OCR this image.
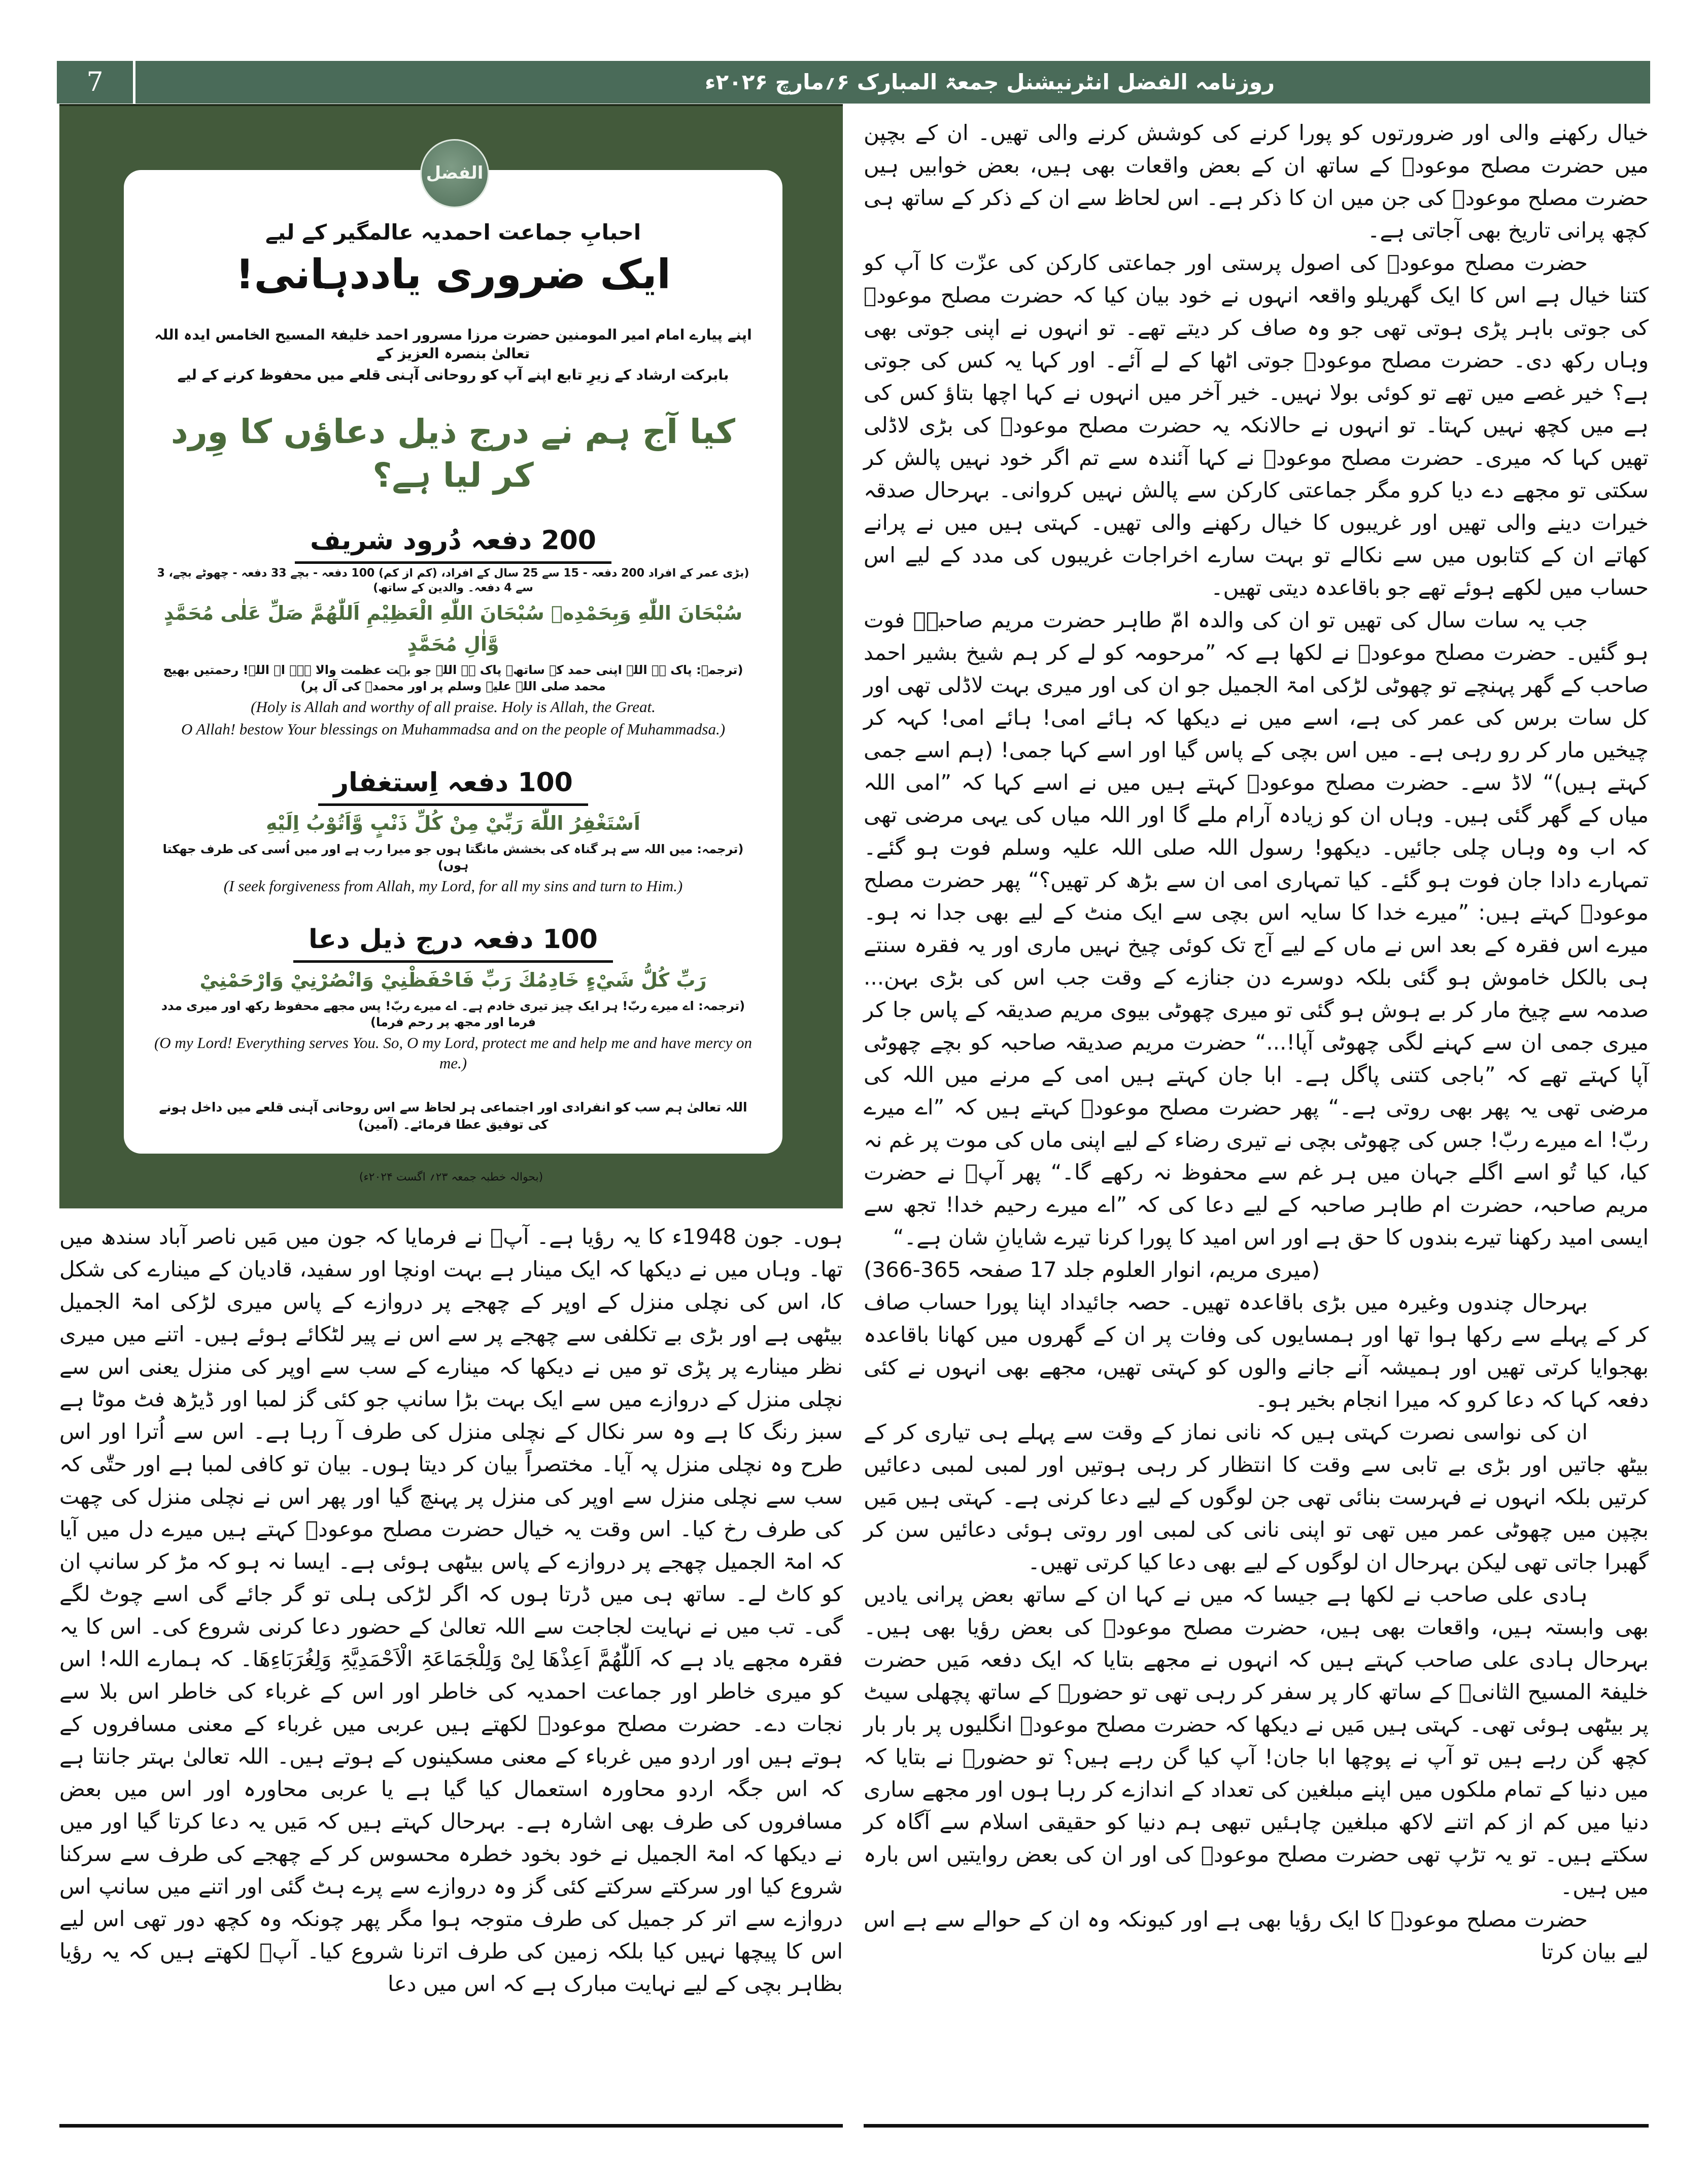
7	روزنامہ الفضل انٹرنیشنل جمعۃ المبارک ۶؍مارچ ۲۰۲۶ء
الفضل
احبابِ جماعت احمدیہ عالمگیر کے لیے
ایک ضروری یاددہانی!
اپنے پیارے امام امیر المومنین حضرت مرزا مسرور احمد خلیفۃ المسیح الخامس ایدہ اللہ تعالیٰ بنصرہ العزیز کے
بابرکت ارشاد کے زیرِ تابع اپنے آپ کو روحانی آہنی قلعے میں محفوظ کرنے کے لیے
کیا آج ہم نے درج ذیل دعاؤں کا وِرد کر لیا ہے؟
200 دفعہ دُرود شریف
(بڑی عمر کے افراد 200 دفعہ - 15 سے 25 سال کے افراد، (کم از کم) 100 دفعہ - بچے 33 دفعہ - چھوٹے بچے، 3 سے 4 دفعہ۔ والدین کے ساتھ)
سُبْحَانَ اللّٰهِ وَبِحَمْدِهٖ سُبْحَانَ اللّٰهِ الْعَظِيْمِ اَللّٰهُمَّ صَلِّ عَلٰى مُحَمَّدٍ وَّاٰلِ مُحَمَّدٍ
(ترجمہ: پاک ہے اللہ اپنی حمد کے ساتھ۔ پاک ہے اللہ جو بہت عظمت والا ہے۔ اے اللہ! رحمتیں بھیج محمد صلی اللہ علیہ وسلم پر اور محمدؐ کی آل پر)
(Holy is Allah and worthy of all praise. Holy is Allah, the Great.
O Allah! bestow Your blessings on Muhammadsa and on the people of Muhammadsa.)
100 دفعہ اِستغفار
اَسْتَغْفِرُ اللّٰهَ رَبِّيْ مِنْ كُلِّ ذَنْبٍ وَّاَتُوْبُ اِلَيْهِ
(ترجمہ: میں اللہ سے ہر گناہ کی بخشش مانگتا ہوں جو میرا رب ہے اور میں اُسی کی طرف جھکتا ہوں)
(I seek forgiveness from Allah, my Lord, for all my sins and turn to Him.)
100 دفعہ درج ذیل دعا
رَبِّ كُلُّ شَيْءٍ خَادِمُكَ رَبِّ فَاحْفَظْنِيْ وَانْصُرْنِيْ وَارْحَمْنِيْ
(ترجمہ: اے میرے ربّ! ہر ایک چیز تیری خادم ہے۔ اے میرے ربّ! پس مجھے محفوظ رکھ اور میری مدد فرما اور مجھ پر رحم فرما)
(O my Lord! Everything serves You. So, O my Lord, protect me and help me and have mercy on me.)
اللہ تعالیٰ ہم سب کو انفرادی اور اجتماعی ہر لحاظ سے اس روحانی آہنی قلعے میں داخل ہونے کی توفیق عطا فرمائے۔ (آمین)
(بحوالہ خطبہ جمعہ ۲۳؍ اگست ۲۰۲۴ء)

خیال رکھنے والی اور ضرورتوں کو پورا کرنے کی کوشش کرنے والی تھیں۔ ان کے بچپن میں حضرت مصلح موعودؓ کے ساتھ ان کے بعض واقعات بھی ہیں، بعض خوابیں ہیں حضرت مصلح موعودؓ کی جن میں ان کا ذکر ہے۔ اس لحاظ سے ان کے ذکر کے ساتھ ہی کچھ پرانی تاریخ بھی آجاتی ہے۔

حضرت مصلح موعودؓ کی اصول پرستی اور جماعتی کارکن کی عزّت کا آپ کو کتنا خیال ہے اس کا ایک گھریلو واقعہ انہوں نے خود بیان کیا کہ حضرت مصلح موعودؓ کی جوتی باہر پڑی ہوتی تھی جو وہ صاف کر دیتے تھے۔ تو انہوں نے اپنی جوتی بھی وہاں رکھ دی۔ حضرت مصلح موعودؓ جوتی اٹھا کے لے آئے۔ اور کہا یہ کس کی جوتی ہے؟ خیر غصے میں تھے تو کوئی بولا نہیں۔ خیر آخر میں انہوں نے کہا اچھا بتاؤ کس کی ہے میں کچھ نہیں کہتا۔ تو انہوں نے حالانکہ یہ حضرت مصلح موعودؓ کی بڑی لاڈلی تھیں کہا کہ میری۔ حضرت مصلح موعودؓ نے کہا آئندہ سے تم اگر خود نہیں پالش کر سکتی تو مجھے دے دیا کرو مگر جماعتی کارکن سے پالش نہیں کروانی۔ بہرحال صدقہ خیرات دینے والی تھیں اور غریبوں کا خیال رکھنے والی تھیں۔ کہتی ہیں میں نے پرانے کھاتے ان کے کتابوں میں سے نکالے تو بہت سارے اخراجات غریبوں کی مدد کے لیے اس حساب میں لکھے ہوئے تھے جو باقاعدہ دیتی تھیں۔

جب یہ سات سال کی تھیں تو ان کی والدہ امّ طاہر حضرت مریم صاحبہؓ فوت ہو گئیں۔ حضرت مصلح موعودؓ نے لکھا ہے کہ ”مرحومہ کو لے کر ہم شیخ بشیر احمد صاحب کے گھر پہنچے تو چھوٹی لڑکی امۃ الجمیل جو ان کی اور میری بہت لاڈلی تھی اور کل سات برس کی عمر کی ہے، اسے میں نے دیکھا کہ ہائے امی! ہائے امی! کہہ کر چیخیں مار کر رو رہی ہے۔ میں اس بچی کے پاس گیا اور اسے کہا جمی! (ہم اسے جمی کہتے ہیں)“ لاڈ سے۔ حضرت مصلح موعودؓ کہتے ہیں میں نے اسے کہا کہ ”امی اللہ میاں کے گھر گئی ہیں۔ وہاں ان کو زیادہ آرام ملے گا اور اللہ میاں کی یہی مرضی تھی کہ اب وہ وہاں چلی جائیں۔ دیکھو! رسول اللہ صلی اللہ علیہ وسلم فوت ہو گئے۔ تمہارے دادا جان فوت ہو گئے۔ کیا تمہاری امی ان سے بڑھ کر تھیں؟“ پھر حضرت مصلح موعودؓ کہتے ہیں: ”میرے خدا کا سایہ اس بچی سے ایک منٹ کے لیے بھی جدا نہ ہو۔ میرے اس فقرہ کے بعد اس نے ماں کے لیے آج تک کوئی چیخ نہیں ماری اور یہ فقرہ سنتے ہی بالکل خاموش ہو گئی بلکہ دوسرے دن جنازے کے وقت جب اس کی بڑی بہن... صدمہ سے چیخ مار کر بے ہوش ہو گئی تو میری چھوٹی بیوی مریم صدیقہ کے پاس جا کر میری جمی ان سے کہنے لگی چھوٹی آپا!...“ حضرت مریم صدیقہ صاحبہ کو بچے چھوٹی آپا کہتے تھے کہ ”باجی کتنی پاگل ہے۔ ابا جان کہتے ہیں امی کے مرنے میں اللہ کی مرضی تھی یہ پھر بھی روتی ہے۔“ پھر حضرت مصلح موعودؓ کہتے ہیں کہ ”اے میرے ربّ! اے میرے ربّ! جس کی چھوٹی بچی نے تیری رضاء کے لیے اپنی ماں کی موت پر غم نہ کیا، کیا تُو اسے اگلے جہان میں ہر غم سے محفوظ نہ رکھے گا۔“ پھر آپؓ نے حضرت مریم صاحبہ، حضرت ام طاہر صاحبہ کے لیے دعا کی کہ ”اے میرے رحیم خدا! تجھ سے ایسی امید رکھنا تیرے بندوں کا حق ہے اور اس امید کا پورا کرنا تیرے شایانِ شان ہے۔“

(میری مریم، انوار العلوم جلد 17 صفحہ 365-366)

بہرحال چندوں وغیرہ میں بڑی باقاعدہ تھیں۔ حصہ جائیداد اپنا پورا حساب صاف کر کے پہلے سے رکھا ہوا تھا اور ہمسایوں کی وفات پر ان کے گھروں میں کھانا باقاعدہ بھجوایا کرتی تھیں اور ہمیشہ آنے جانے والوں کو کہتی تھیں، مجھے بھی انہوں نے کئی دفعہ کہا کہ دعا کرو کہ میرا انجام بخیر ہو۔

ان کی نواسی نصرت کہتی ہیں کہ نانی نماز کے وقت سے پہلے ہی تیاری کر کے بیٹھ جاتیں اور بڑی بے تابی سے وقت کا انتظار کر رہی ہوتیں اور لمبی لمبی دعائیں کرتیں بلکہ انہوں نے فہرست بنائی تھی جن لوگوں کے لیے دعا کرنی ہے۔ کہتی ہیں مَیں بچپن میں چھوٹی عمر میں تھی تو اپنی نانی کی لمبی اور روتی ہوئی دعائیں سن کر گھبرا جاتی تھی لیکن بہرحال ان لوگوں کے لیے بھی دعا کیا کرتی تھیں۔

ہادی علی صاحب نے لکھا ہے جیسا کہ میں نے کہا ان کے ساتھ بعض پرانی یادیں بھی وابستہ ہیں، واقعات بھی ہیں، حضرت مصلح موعودؓ کی بعض رؤیا بھی ہیں۔ بہرحال ہادی علی صاحب کہتے ہیں کہ انہوں نے مجھے بتایا کہ ایک دفعہ مَیں حضرت خلیفۃ المسیح الثانیؓ کے ساتھ کار پر سفر کر رہی تھی تو حضورؓ کے ساتھ پچھلی سیٹ پر بیٹھی ہوئی تھی۔ کہتی ہیں مَیں نے دیکھا کہ حضرت مصلح موعودؓ انگلیوں پر بار بار کچھ گن رہے ہیں تو آپ نے پوچھا ابا جان! آپ کیا گن رہے ہیں؟ تو حضورؓ نے بتایا کہ میں دنیا کے تمام ملکوں میں اپنے مبلغین کی تعداد کے اندازے کر رہا ہوں اور مجھے ساری دنیا میں کم از کم اتنے لاکھ مبلغین چاہئیں تبھی ہم دنیا کو حقیقی اسلام سے آگاہ کر سکتے ہیں۔ تو یہ تڑپ تھی حضرت مصلح موعودؓ کی اور ان کی بعض روایتیں اس بارہ میں ہیں۔

حضرت مصلح موعودؓ کا ایک رؤیا بھی ہے اور کیونکہ وہ ان کے حوالے سے ہے اس لیے بیان کرتا

ہوں۔ جون 1948ء کا یہ رؤیا ہے۔ آپؓ نے فرمایا کہ جون میں مَیں ناصر آباد سندھ میں تھا۔ وہاں میں نے دیکھا کہ ایک مینار ہے بہت اونچا اور سفید، قادیان کے مینارے کی شکل کا، اس کی نچلی منزل کے اوپر کے چھجے پر دروازے کے پاس میری لڑکی امۃ الجمیل بیٹھی ہے اور بڑی بے تکلفی سے چھجے پر سے اس نے پیر لٹکائے ہوئے ہیں۔ اتنے میں میری نظر مینارے پر پڑی تو میں نے دیکھا کہ مینارے کے سب سے اوپر کی منزل یعنی اس سے نچلی منزل کے دروازے میں سے ایک بہت بڑا سانپ جو کئی گز لمبا اور ڈیڑھ فٹ موٹا ہے سبز رنگ کا ہے وہ سر نکال کے نچلی منزل کی طرف آ رہا ہے۔ اس سے اُترا اور اس طرح وہ نچلی منزل پہ آیا۔ مختصراً بیان کر دیتا ہوں۔ بیان تو کافی لمبا ہے اور حتّٰی کہ سب سے نچلی منزل سے اوپر کی منزل پر پہنچ گیا اور پھر اس نے نچلی منزل کی چھت کی طرف رخ کیا۔ اس وقت یہ خیال حضرت مصلح موعودؓ کہتے ہیں میرے دل میں آیا کہ امۃ الجمیل چھجے پر دروازے کے پاس بیٹھی ہوئی ہے۔ ایسا نہ ہو کہ مڑ کر سانپ ان کو کاٹ لے۔ ساتھ ہی میں ڈرتا ہوں کہ اگر لڑکی ہلی تو گر جائے گی اسے چوٹ لگے گی۔ تب میں نے نہایت لجاجت سے اللہ تعالیٰ کے حضور دعا کرنی شروع کی۔ اس کا یہ فقرہ مجھے یاد ہے کہ اَللّٰھُمَّ اَعِذْھَا لِیْ وَلِلْجَمَاعَۃِ الْاَحْمَدِیَّۃِ وَلِغُرَبَاءِھَا۔ کہ ہمارے اللہ! اس کو میری خاطر اور جماعت احمدیہ کی خاطر اور اس کے غرباء کی خاطر اس بلا سے نجات دے۔ حضرت مصلح موعودؓ لکھتے ہیں عربی میں غرباء کے معنی مسافروں کے ہوتے ہیں اور اردو میں غرباء کے معنی مسکینوں کے ہوتے ہیں۔ اللہ تعالیٰ بہتر جانتا ہے کہ اس جگہ اردو محاورہ استعمال کیا گیا ہے یا عربی محاورہ اور اس میں بعض مسافروں کی طرف بھی اشارہ ہے۔ بہرحال کہتے ہیں کہ مَیں یہ دعا کرتا گیا اور میں نے دیکھا کہ امۃ الجمیل نے خود بخود خطرہ محسوس کر کے چھجے کی طرف سے سرکنا شروع کیا اور سرکتے سرکتے کئی گز وہ دروازے سے پرے ہٹ گئی اور اتنے میں سانپ اس دروازے سے اتر کر جمیل کی طرف متوجہ ہوا مگر پھر چونکہ وہ کچھ دور تھی اس لیے اس کا پیچھا نہیں کیا بلکہ زمین کی طرف اترنا شروع کیا۔ آپؓ لکھتے ہیں کہ یہ رؤیا بظاہر بچی کے لیے نہایت مبارک ہے کہ اس میں دعا
